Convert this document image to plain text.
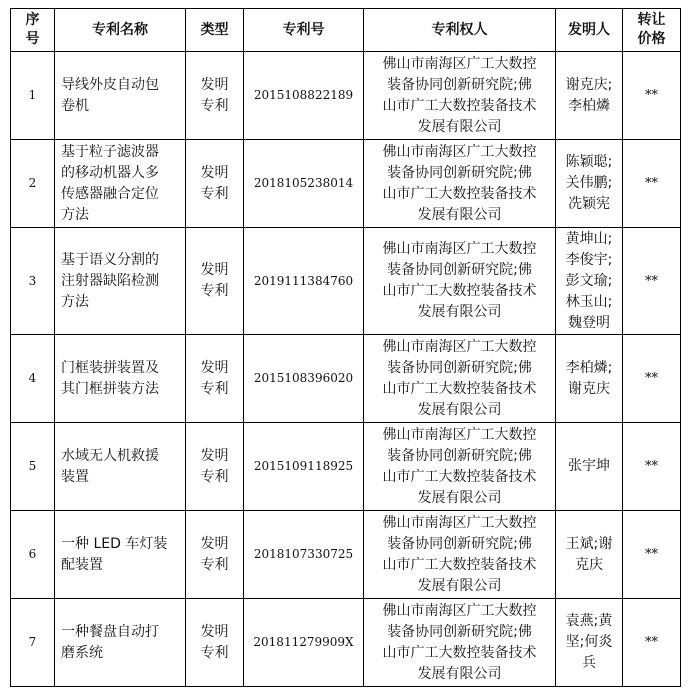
序
号	专利名称	类型	专利号	专利权人	发明人	转让
价格
1	导线外皮自动包
卷机	发明
专利	2015108822189	佛山市南海区广工大数控
装备协同创新研究院;佛
山市广工大数控装备技术
发展有限公司	谢克庆;
李柏燐	**
2	基于粒子滤波器
的移动机器人多
传感器融合定位
方法	发明
专利	2018105238014	佛山市南海区广工大数控
装备协同创新研究院;佛
山市广工大数控装备技术
发展有限公司	陈颖聪;
关伟鹏;
冼颖宪	**
3	基于语义分割的
注射器缺陷检测
方法	发明
专利	2019111384760	佛山市南海区广工大数控
装备协同创新研究院;佛
山市广工大数控装备技术
发展有限公司	黄坤山;
李俊宇;
彭文瑜;
林玉山;
魏登明	**
4	门框装拼装置及
其门框拼装方法	发明
专利	2015108396020	佛山市南海区广工大数控
装备协同创新研究院;佛
山市广工大数控装备技术
发展有限公司	李柏燐;
谢克庆	**
5	水域无人机救援
装置	发明
专利	2015109118925	佛山市南海区广工大数控
装备协同创新研究院;佛
山市广工大数控装备技术
发展有限公司	张宇坤	**
6	一种 LED 车灯装
配装置	发明
专利	2018107330725	佛山市南海区广工大数控
装备协同创新研究院;佛
山市广工大数控装备技术
发展有限公司	王斌;谢
克庆	**
7	一种餐盘自动打
磨系统	发明
专利	201811279909X	佛山市南海区广工大数控
装备协同创新研究院;佛
山市广工大数控装备技术
发展有限公司	袁燕;黄
坚;何炎
兵	**
